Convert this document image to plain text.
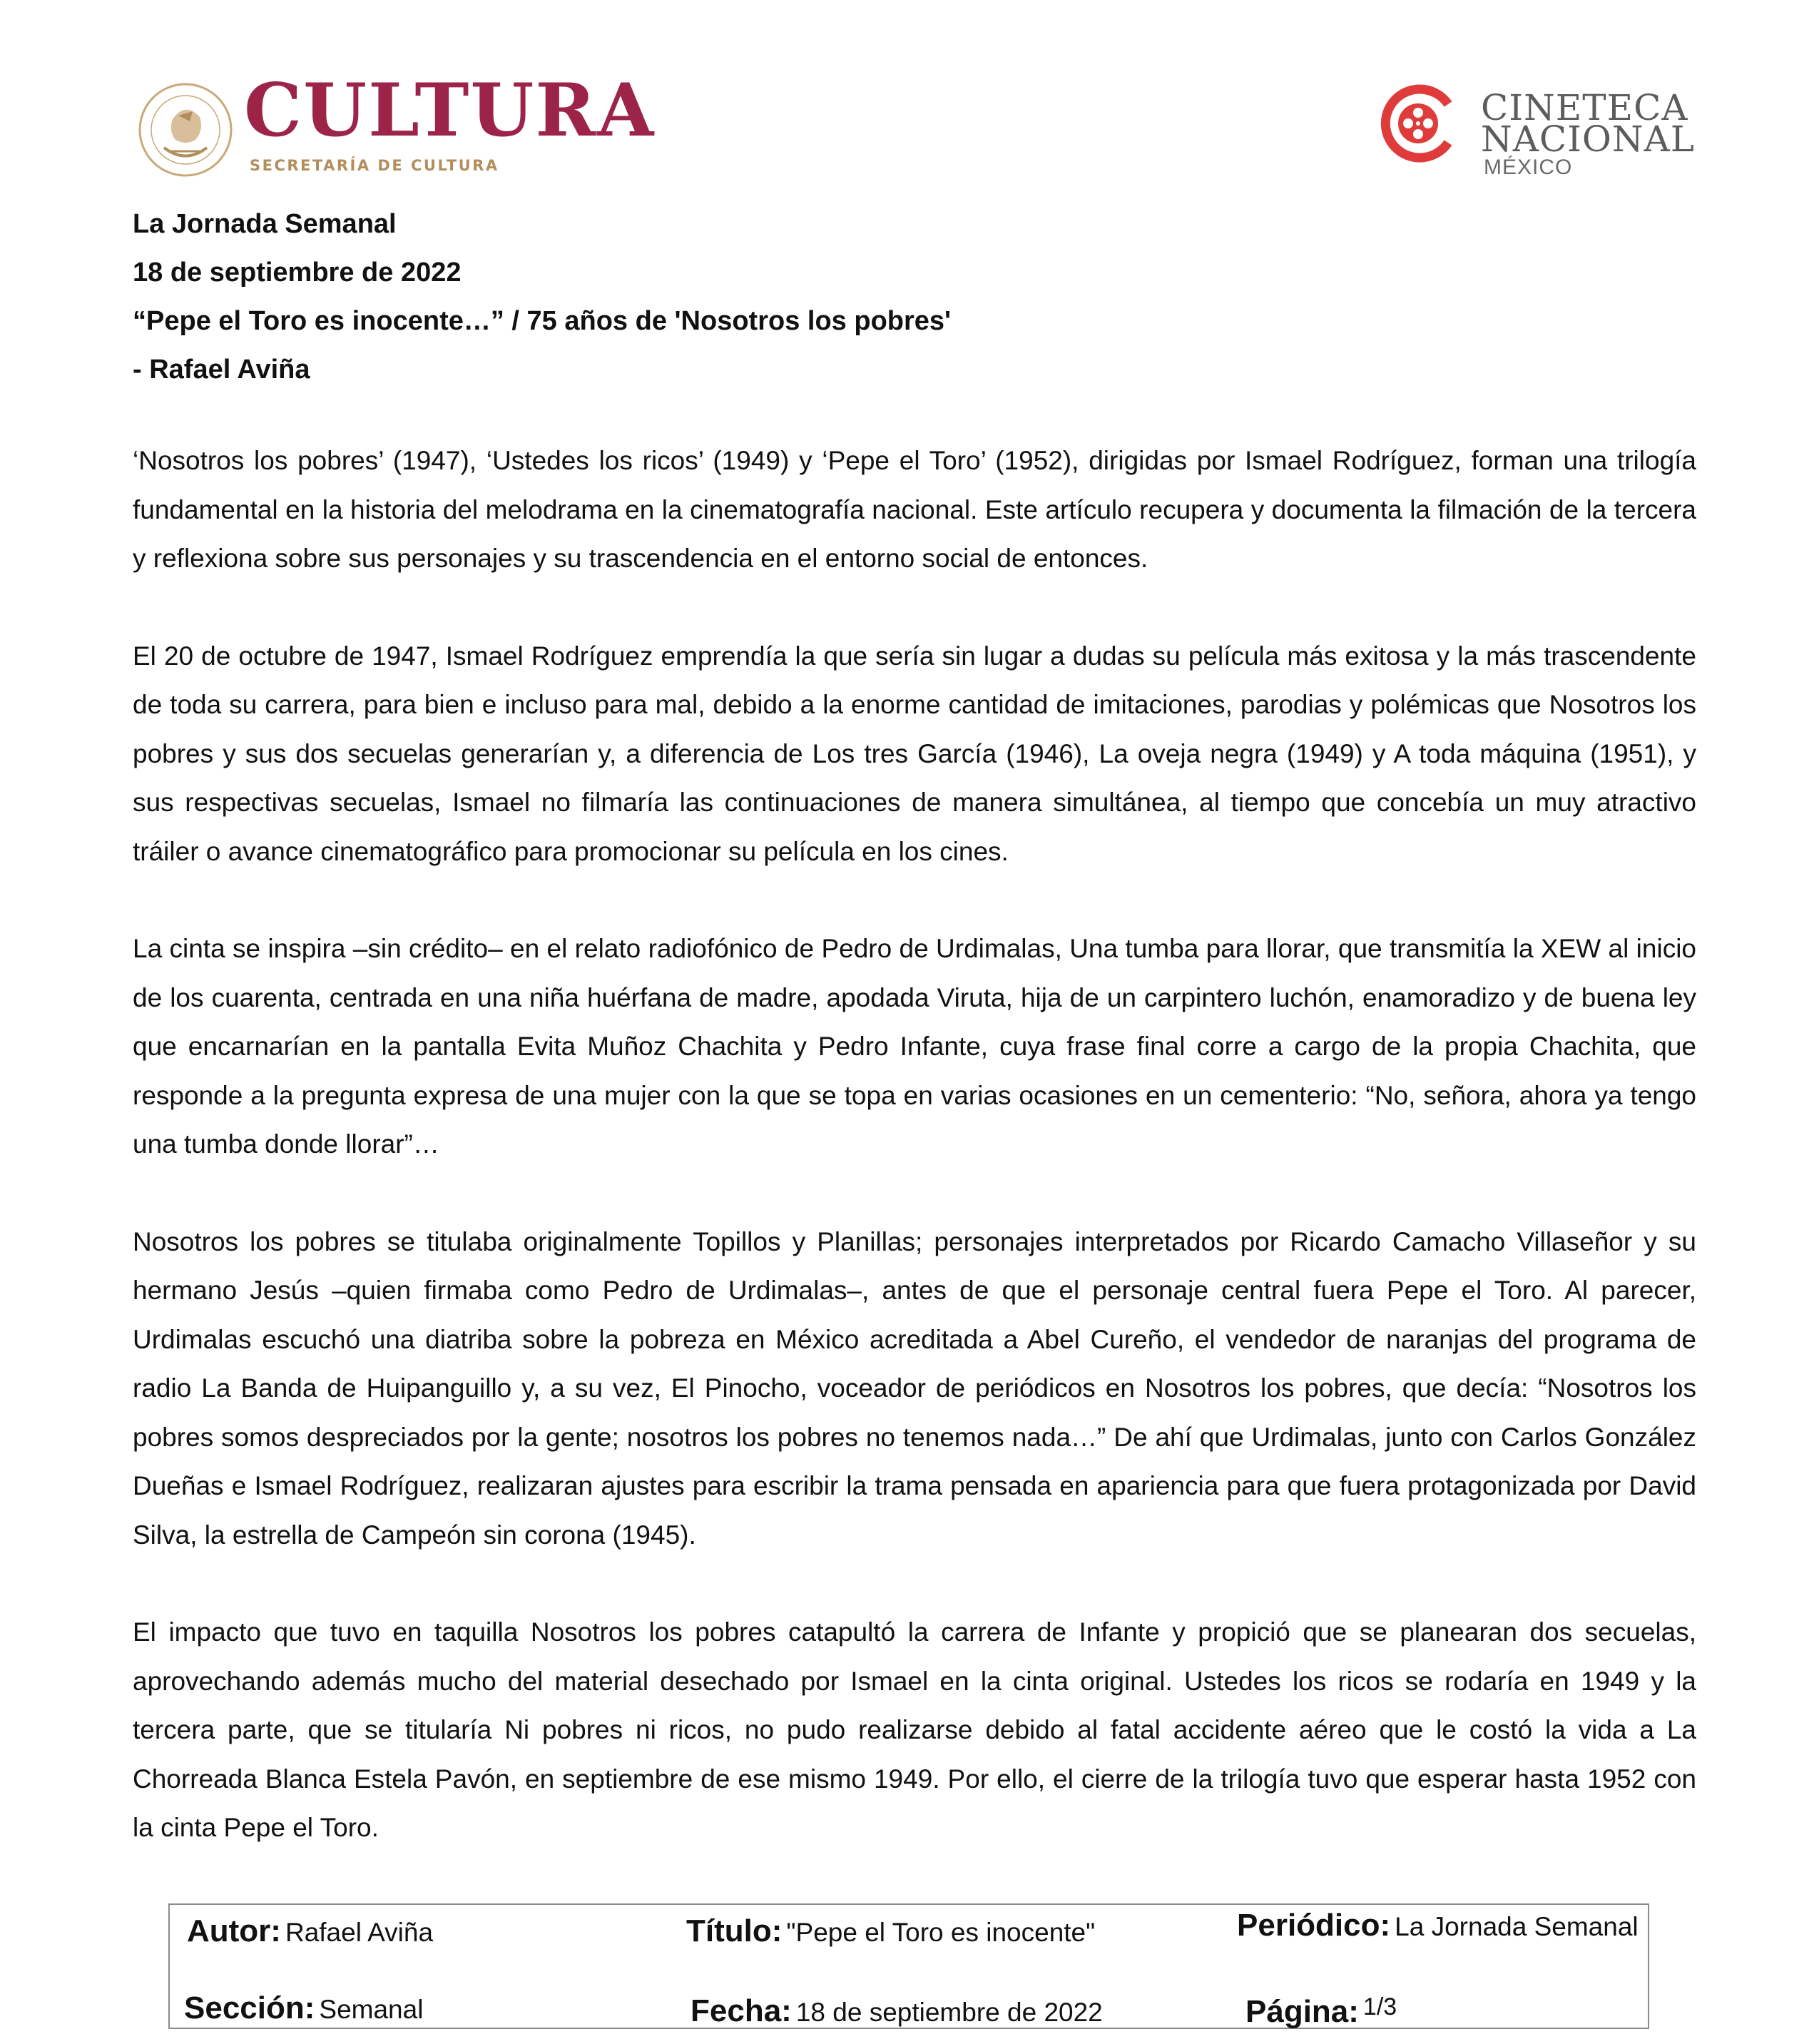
CULTURA
SECRETARÍA DE CULTURA
CINETECA
NACIONAL
MÉXICO
La Jornada Semanal
18 de septiembre de 2022
“Pepe el Toro es inocente…” / 75 años de 'Nosotros los pobres'
- Rafael Aviña

‘Nosotros los pobres’ (1947), ‘Ustedes los ricos’ (1949) y ‘Pepe el Toro’ (1952), dirigidas por Ismael Rodríguez, forman una trilogía fundamental en la historia del melodrama en la cinematografía nacional. Este artículo recupera y documenta la filmación de la tercera y reflexiona sobre sus personajes y su trascendencia en el entorno social de entonces.

El 20 de octubre de 1947, Ismael Rodríguez emprendía la que sería sin lugar a dudas su película más exitosa y la más trascendente de toda su carrera, para bien e incluso para mal, debido a la enorme cantidad de imitaciones, parodias y polémicas que Nosotros los pobres y sus dos secuelas generarían y, a diferencia de Los tres García (1946), La oveja negra (1949) y A toda máquina (1951), y sus respectivas secuelas, Ismael no filmaría las continuaciones de manera simultánea, al tiempo que concebía un muy atractivo tráiler o avance cinematográfico para promocionar su película en los cines.

La cinta se inspira –sin crédito– en el relato radiofónico de Pedro de Urdimalas, Una tumba para llorar, que transmitía la XEW al inicio de los cuarenta, centrada en una niña huérfana de madre, apodada Viruta, hija de un carpintero luchón, enamoradizo y de buena ley que encarnarían en la pantalla Evita Muñoz Chachita y Pedro Infante, cuya frase final corre a cargo de la propia Chachita, que responde a la pregunta expresa de una mujer con la que se topa en varias ocasiones en un cementerio: “No, señora, ahora ya tengo una tumba donde llorar”…

Nosotros los pobres se titulaba originalmente Topillos y Planillas; personajes interpretados por Ricardo Camacho Villaseñor y su hermano Jesús –quien firmaba como Pedro de Urdimalas–, antes de que el personaje central fuera Pepe el Toro. Al parecer, Urdimalas escuchó una diatriba sobre la pobreza en México acreditada a Abel Cureño, el vendedor de naranjas del programa de radio La Banda de Huipanguillo y, a su vez, El Pinocho, voceador de periódicos en Nosotros los pobres, que decía: “Nosotros los pobres somos despreciados por la gente; nosotros los pobres no tenemos nada…” De ahí que Urdimalas, junto con Carlos González Dueñas e Ismael Rodríguez, realizaran ajustes para escribir la trama pensada en apariencia para que fuera protagonizada por David Silva, la estrella de Campeón sin corona (1945).

El impacto que tuvo en taquilla Nosotros los pobres catapultó la carrera de Infante y propició que se planearan dos secuelas, aprovechando además mucho del material desechado por Ismael en la cinta original. Ustedes los ricos se rodaría en 1949 y la tercera parte, que se titularía Ni pobres ni ricos, no pudo realizarse debido al fatal accidente aéreo que le costó la vida a La Chorreada Blanca Estela Pavón, en septiembre de ese mismo 1949. Por ello, el cierre de la trilogía tuvo que esperar hasta 1952 con la cinta Pepe el Toro.

Autor: Rafael Aviña	Título: "Pepe el Toro es inocente"	Periódico: La Jornada Semanal
Sección: Semanal	Fecha: 18 de septiembre de 2022	Página: 1/3
